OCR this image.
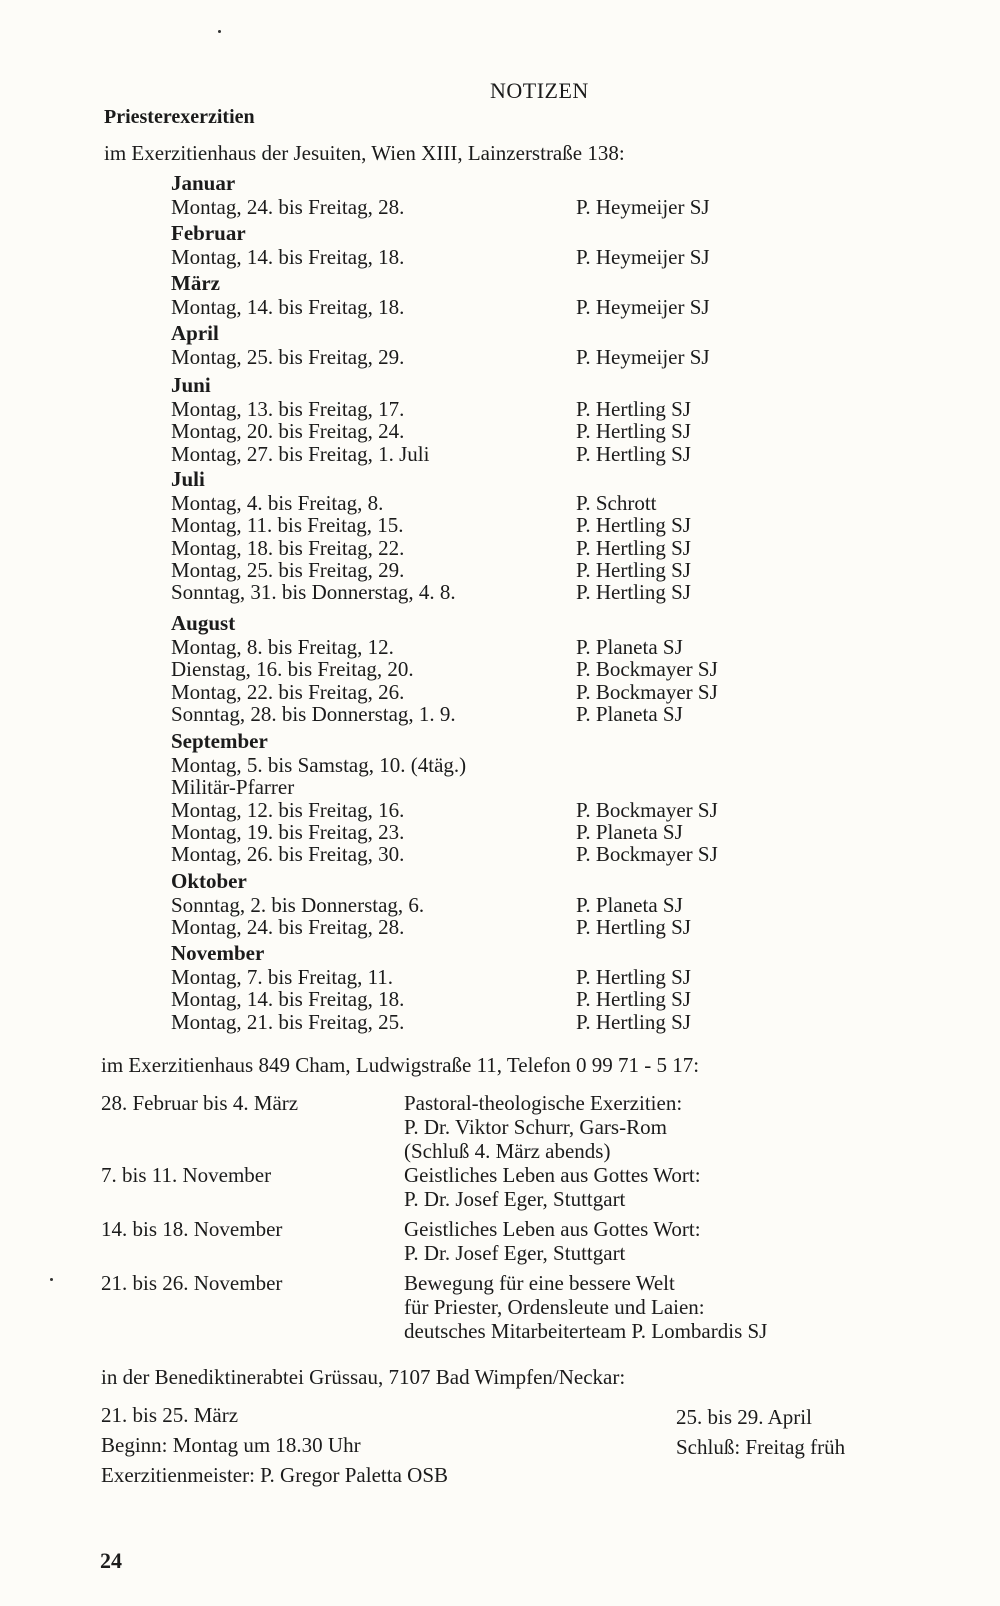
NOTIZEN
Priesterexerzitien
im Exerzitienhaus der Jesuiten, Wien XIII, Lainzerstraße 138:
Januar
Montag, 24. bis Freitag, 28.	P. Heymeijer SJ
Februar
Montag, 14. bis Freitag, 18.	P. Heymeijer SJ
März
Montag, 14. bis Freitag, 18.	P. Heymeijer SJ
April
Montag, 25. bis Freitag, 29.	P. Heymeijer SJ
Juni
Montag, 13. bis Freitag, 17.	P. Hertling SJ
Montag, 20. bis Freitag, 24.	P. Hertling SJ
Montag, 27. bis Freitag, 1. Juli	P. Hertling SJ
Juli
Montag, 4. bis Freitag, 8.	P. Schrott
Montag, 11. bis Freitag, 15.	P. Hertling SJ
Montag, 18. bis Freitag, 22.	P. Hertling SJ
Montag, 25. bis Freitag, 29.	P. Hertling SJ
Sonntag, 31. bis Donnerstag, 4. 8.	P. Hertling SJ
August
Montag, 8. bis Freitag, 12.	P. Planeta SJ
Dienstag, 16. bis Freitag, 20.	P. Bockmayer SJ
Montag, 22. bis Freitag, 26.	P. Bockmayer SJ
Sonntag, 28. bis Donnerstag, 1. 9.	P. Planeta SJ
September
Montag, 5. bis Samstag, 10. (4täg.)
Militär-Pfarrer
Montag, 12. bis Freitag, 16.	P. Bockmayer SJ
Montag, 19. bis Freitag, 23.	P. Planeta SJ
Montag, 26. bis Freitag, 30.	P. Bockmayer SJ
Oktober
Sonntag, 2. bis Donnerstag, 6.	P. Planeta SJ
Montag, 24. bis Freitag, 28.	P. Hertling SJ
November
Montag, 7. bis Freitag, 11.	P. Hertling SJ
Montag, 14. bis Freitag, 18.	P. Hertling SJ
Montag, 21. bis Freitag, 25.	P. Hertling SJ
im Exerzitienhaus 849 Cham, Ludwigstraße 11, Telefon 0 99 71 - 5 17:
28. Februar bis 4. März	Pastoral-theologische Exerzitien:
P. Dr. Viktor Schurr, Gars-Rom
(Schluß 4. März abends)
7. bis 11. November	Geistliches Leben aus Gottes Wort:
P. Dr. Josef Eger, Stuttgart
14. bis 18. November	Geistliches Leben aus Gottes Wort:
P. Dr. Josef Eger, Stuttgart
21. bis 26. November	Bewegung für eine bessere Welt
für Priester, Ordensleute und Laien:
deutsches Mitarbeiterteam P. Lombardis SJ
in der Benediktinerabtei Grüssau, 7107 Bad Wimpfen/Neckar:
21. bis 25. März	25. bis 29. April
Beginn: Montag um 18.30 Uhr	Schluß: Freitag früh
Exerzitienmeister: P. Gregor Paletta OSB
24
